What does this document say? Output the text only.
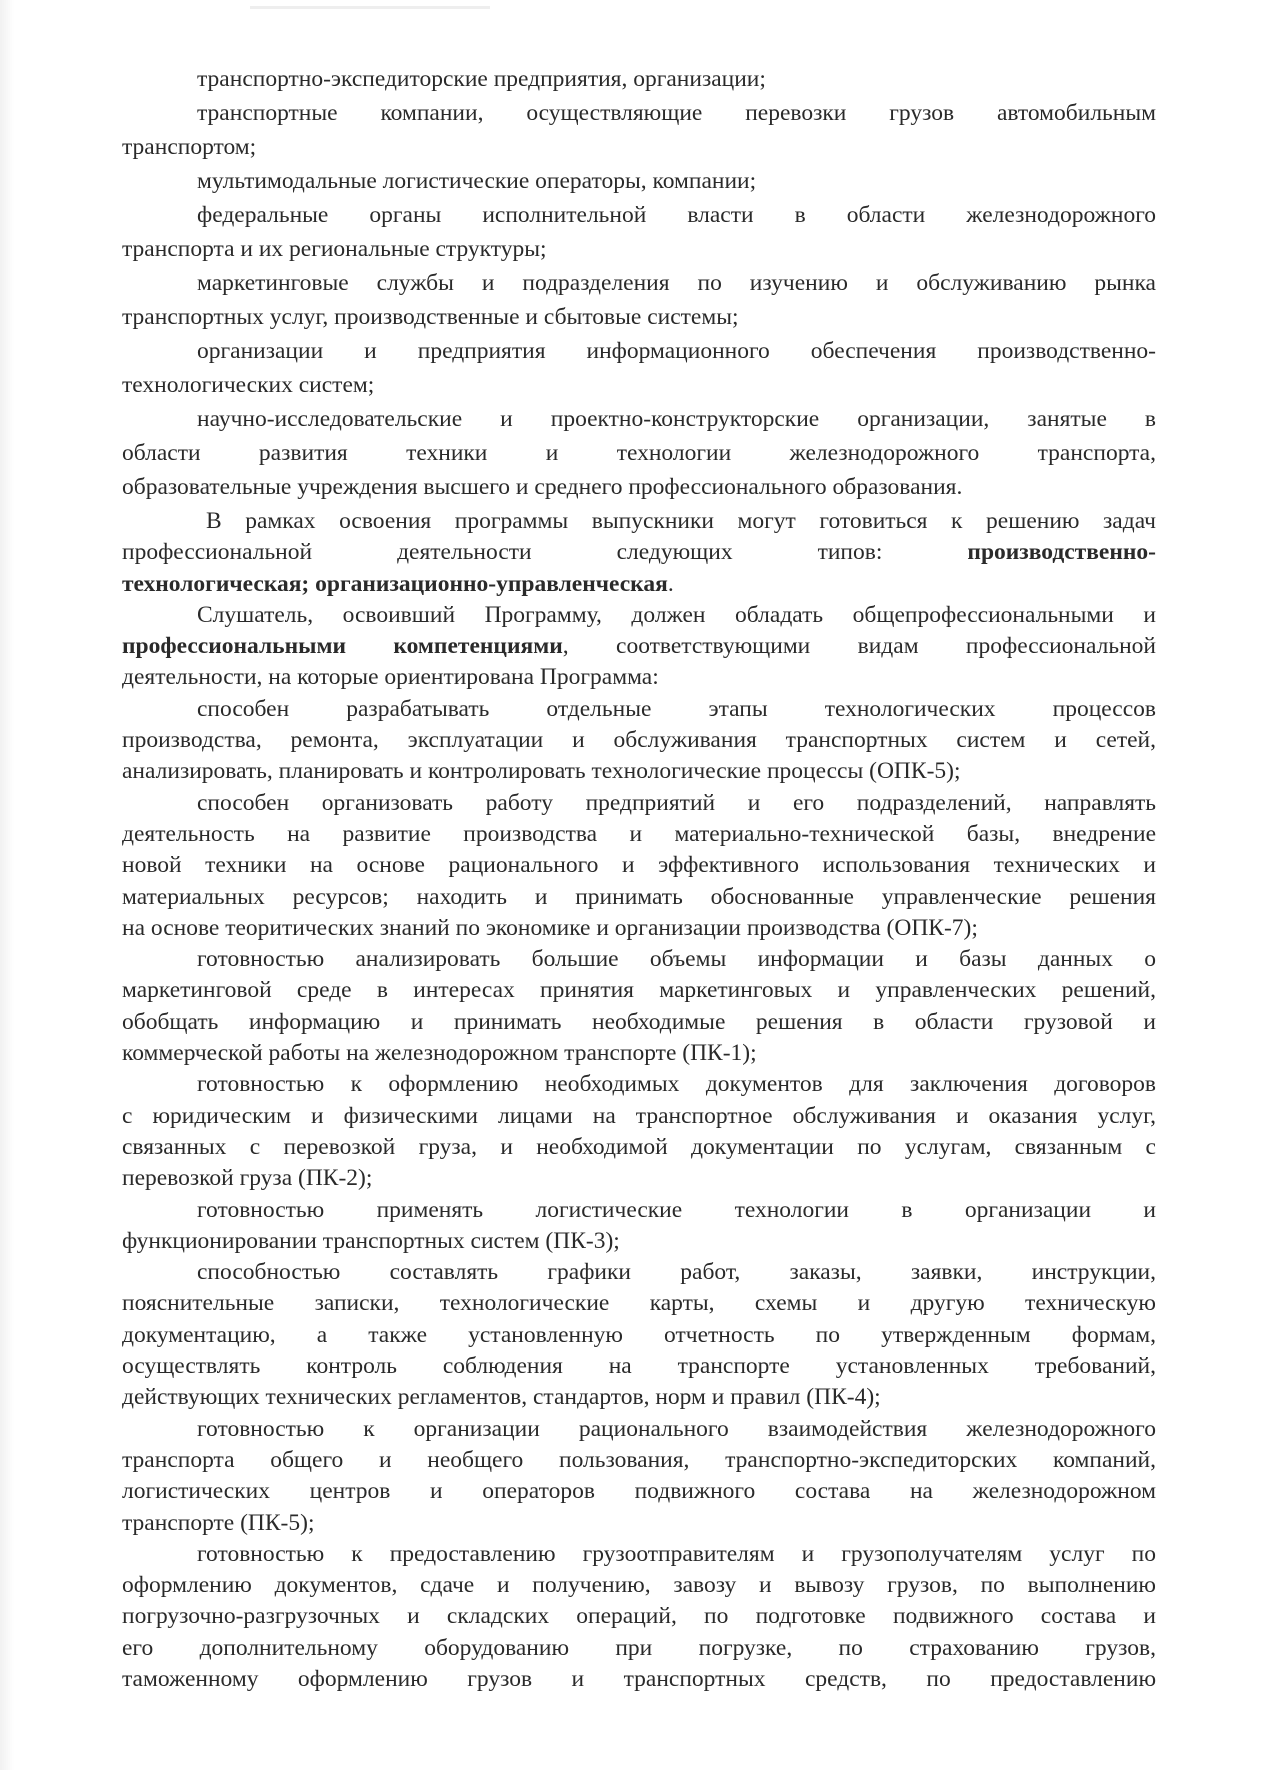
транспортно-экспедиторские предприятия, организации;
транспортные компании, осуществляющие перевозки грузов автомобильным
транспортом;
мультимодальные логистические операторы, компании;
федеральные органы исполнительной власти в области железнодорожного
транспорта и их региональные структуры;
маркетинговые службы и подразделения по изучению и обслуживанию рынка
транспортных услуг, производственные и сбытовые системы;
организации и предприятия информационного обеспечения производственно-
технологических систем;
научно-исследовательские и проектно-конструкторские организации, занятые в
области развития техники и технологии железнодорожного транспорта,
образовательные учреждения высшего и среднего профессионального образования.
В рамках освоения программы выпускники могут готовиться к решению задач
профессиональной деятельности следующих типов: производственно-
технологическая; организационно-управленческая.
Слушатель, освоивший Программу, должен обладать общепрофессиональными и
профессиональными компетенциями, соответствующими видам профессиональной
деятельности, на которые ориентирована Программа:
способен разрабатывать отдельные этапы технологических процессов
производства, ремонта, эксплуатации и обслуживания транспортных систем и сетей,
анализировать, планировать и контролировать технологические процессы (ОПК-5);
способен организовать работу предприятий и его подразделений, направлять
деятельность на развитие производства и материально-технической базы, внедрение
новой техники на основе рационального и эффективного использования технических и
материальных ресурсов; находить и принимать обоснованные управленческие решения
на основе теоритических знаний по экономике и организации производства (ОПК-7);
готовностью анализировать большие объемы информации и базы данных о
маркетинговой среде в интересах принятия маркетинговых и управленческих решений,
обобщать информацию и принимать необходимые решения в области грузовой и
коммерческой работы на железнодорожном транспорте (ПК-1);
готовностью к оформлению необходимых документов для заключения договоров
с юридическим и физическими лицами на транспортное обслуживания и оказания услуг,
связанных с перевозкой груза, и необходимой документации по услугам, связанным с
перевозкой груза (ПК-2);
готовностью применять логистические технологии в организации и
функционировании транспортных систем (ПК-3);
способностью составлять графики работ, заказы, заявки, инструкции,
пояснительные записки, технологические карты, схемы и другую техническую
документацию, а также установленную отчетность по утвержденным формам,
осуществлять контроль соблюдения на транспорте установленных требований,
действующих технических регламентов, стандартов, норм и правил (ПК-4);
готовностью к организации рационального взаимодействия железнодорожного
транспорта общего и необщего пользования, транспортно-экспедиторских компаний,
логистических центров и операторов подвижного состава на железнодорожном
транспорте (ПК-5);
готовностью к предоставлению грузоотправителям и грузополучателям услуг по
оформлению документов, сдаче и получению, завозу и вывозу грузов, по выполнению
погрузочно-разгрузочных и складских операций, по подготовке подвижного состава и
его дополнительному оборудованию при погрузке, по страхованию грузов,
таможенному оформлению грузов и транспортных средств, по предоставлению
